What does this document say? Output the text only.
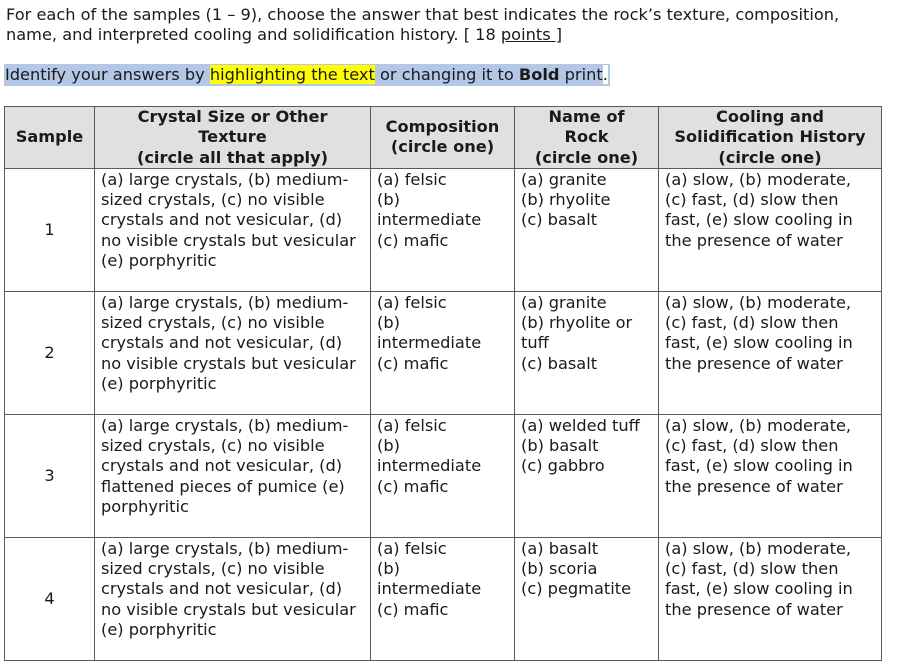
For each of the samples (1 – 9), choose the answer that best indicates the rock’s texture, composition,
name, and interpreted cooling and solidification history. [ 18 points ]
Identify your answers by highlighting the text or changing it to Bold print.
Sample	Crystal Size or Other
Texture
(circle all that apply)	Composition
(circle one)	Name of
Rock
(circle one)	Cooling and
Solidification History
(circle one)

1	(a) large crystals, (b) medium-sized crystals, (c) no visible crystals and not vesicular, (d) no visible crystals but vesicular (e) porphyritic	(a) felsic
(b)
intermediate
(c) mafic	(a) granite
(b) rhyolite
(c) basalt	(a) slow, (b) moderate, (c) fast, (d) slow then fast, (e) slow cooling in the presence of water
2	(a) large crystals, (b) medium-sized crystals, (c) no visible crystals and not vesicular, (d) no visible crystals but vesicular (e) porphyritic	(a) felsic
(b)
intermediate
(c) mafic	(a) granite
(b) rhyolite or tuff
(c) basalt	(a) slow, (b) moderate, (c) fast, (d) slow then fast, (e) slow cooling in the presence of water
3	(a) large crystals, (b) medium-sized crystals, (c) no visible crystals and not vesicular, (d) flattened pieces of pumice (e) porphyritic	(a) felsic
(b)
intermediate
(c) mafic	(a) welded tuff
(b) basalt
(c) gabbro	(a) slow, (b) moderate, (c) fast, (d) slow then fast, (e) slow cooling in the presence of water
4	(a) large crystals, (b) medium-sized crystals, (c) no visible crystals and not vesicular, (d) no visible crystals but vesicular (e) porphyritic	(a) felsic
(b)
intermediate
(c) mafic	(a) basalt
(b) scoria
(c) pegmatite	(a) slow, (b) moderate, (c) fast, (d) slow then fast, (e) slow cooling in the presence of water
